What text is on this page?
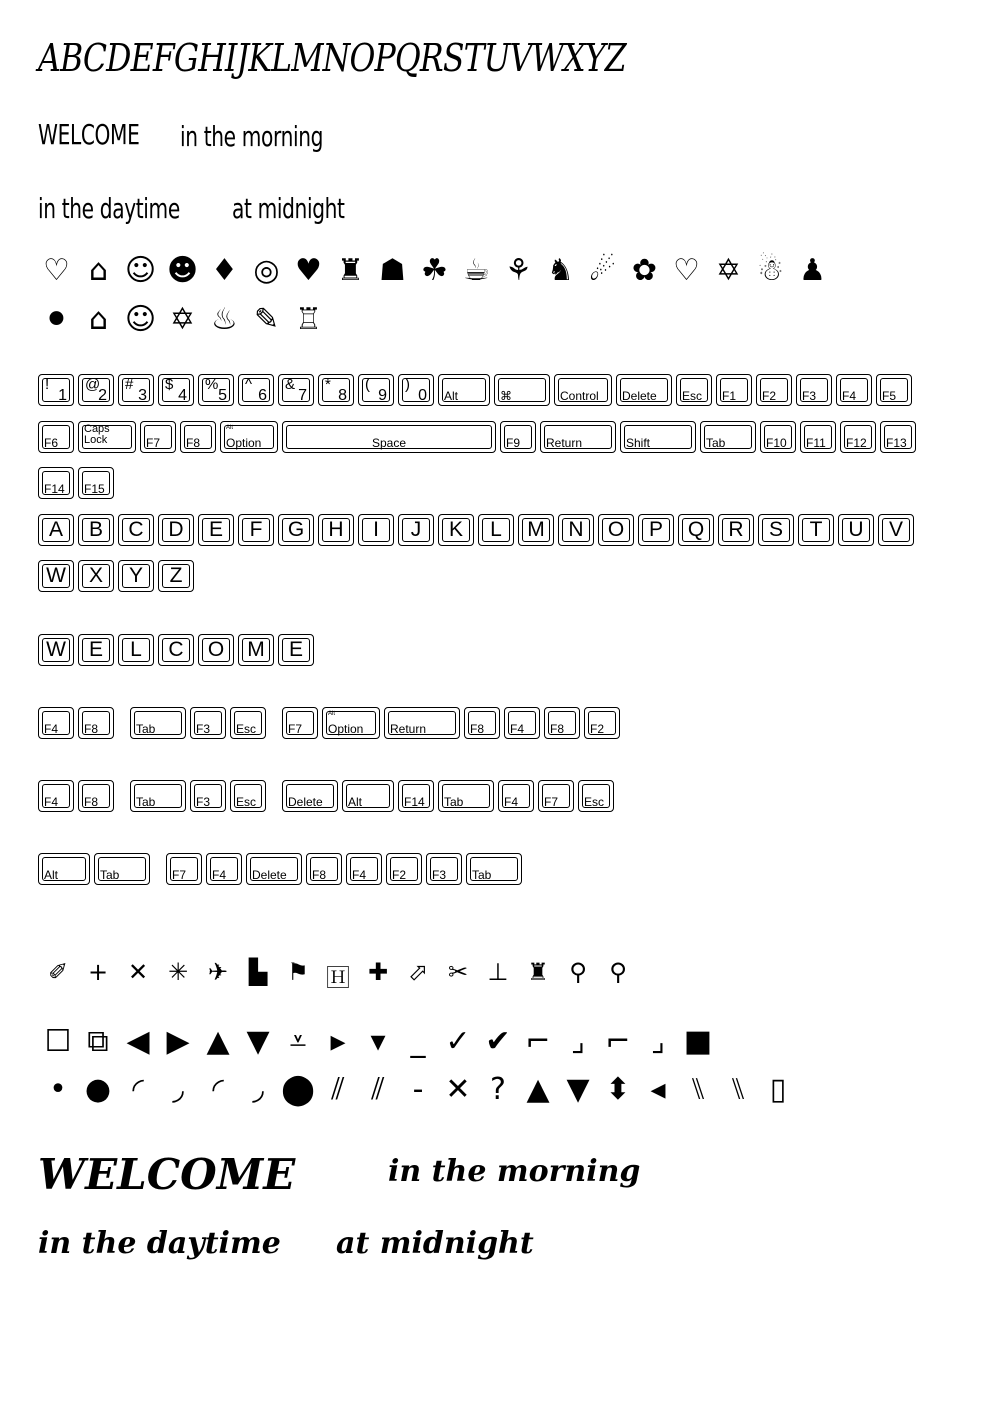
ABCDEFGHIJKLMNOPQRSTUVWXYZ
WELCOME in the morning
in the daytime at midnight
♡ ⌂ ☺ ☻ ♦ ◎ ♥ ♜ ☗ ☘ ☕ ⚘ ♞ ☄ ✿ ♡ ✡ ☃ ♟
⚫ ⌂ ☺ ✡ ♨ ✎ ♖
!
1
@
2
#
3
$
4
%
5
^
6
&
7
*
8
(
9
)
0 Alt	⌘	Control Delete Esc F1 F2 F3 F4 F5
F6
Caps Lock	F7 F8
Alt
Option	Space	F9 Return	Shift	Tab	F10 F11 F12 F13
F14 F15
A	B	C	D	E	F	G	H	I	J	K	L	M	N	O	P	Q	R	S	T	U	V
W	X	Y	Z
W	E	L	C	O	M	E
F4 F8	Tab	F3 Esc	F7
Alt
Option Return	F8 F4 F8 F2
F4 F8	Tab	F3 Esc	Delete Alt	F14 Tab	F4 F7 Esc
Alt	Tab	F7 F4 Delete F8 F4 F2 F3 Tab
✐ + ✕ ✳ ✈ ▙ ⚑ 🄷 ✚ ⬀ ✂ ⊥ ♜ ⚲ ⚲
☐ ⧉ ◀ ▶ ▲ ▼ ⩡ ▸ ▾ _ ✓ ✔ ⌐ ⌟ ⌐ ⌟ ■
• ● ◜ ◞ ◜ ◞ ⬤ ⫽ ⫽ - ✕ ? ▲ ▼ ⬍ ◂ ⑊ ⑊ ▯
WELCOME	in the morning
in the daytime at midnight
